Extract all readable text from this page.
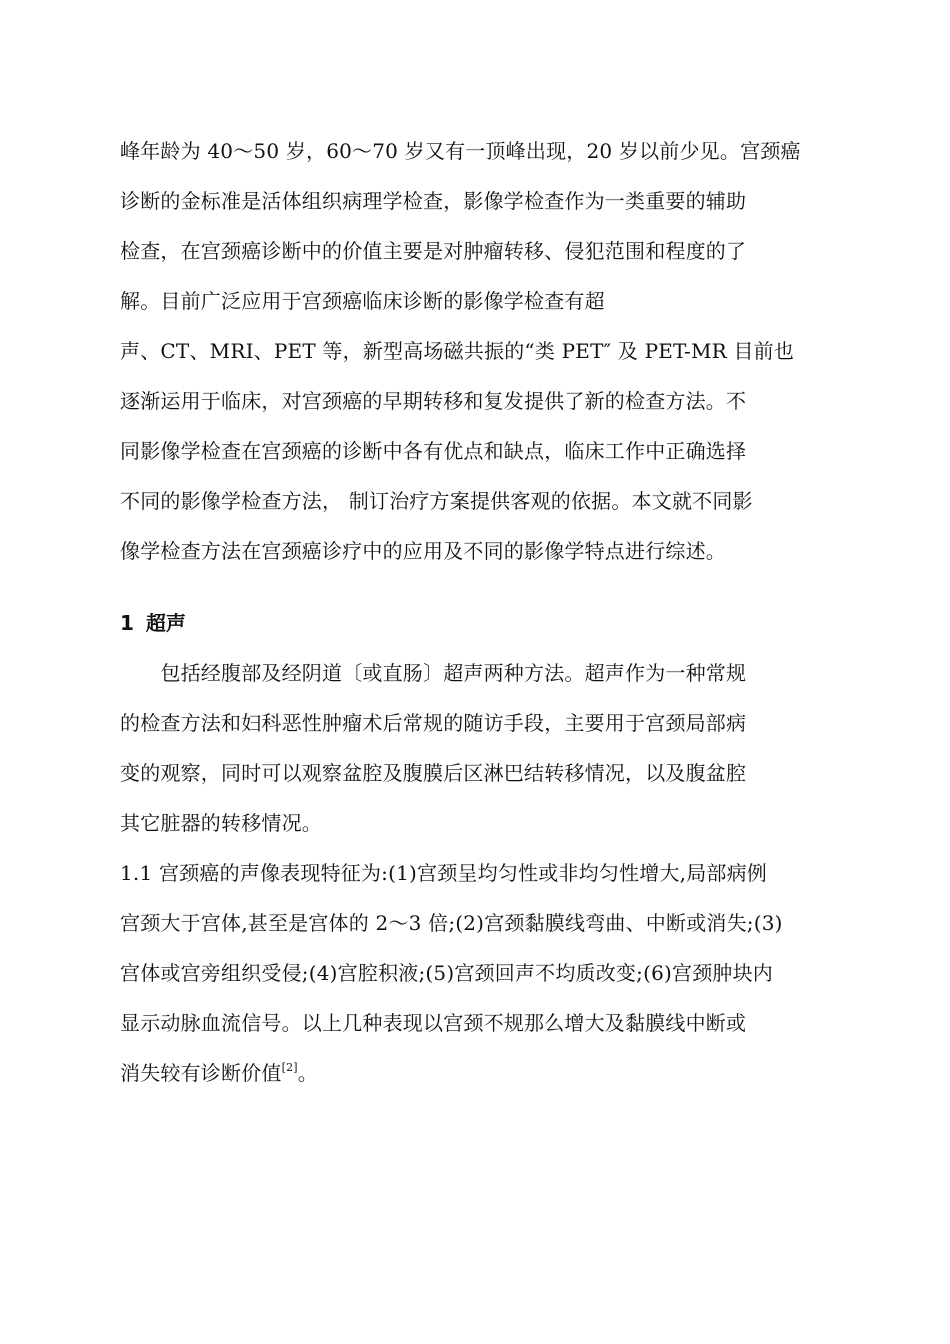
峰年龄为 40～50 岁，60～70 岁又有一顶峰出现，20 岁以前少见。宫颈癌
诊断的金标准是活体组织病理学检查，影像学检查作为一类重要的辅助
检查，在宫颈癌诊断中的价值主要是对肿瘤转移、侵犯范围和程度的了
解。目前广泛应用于宫颈癌临床诊断的影像学检查有超
声、CT、MRI、PET 等，新型高场磁共振的“类 PET″ 及 PET-MR 目前也
逐渐运用于临床，对宫颈癌的早期转移和复发提供了新的检查方法。不
同影像学检查在宫颈癌的诊断中各有优点和缺点，临床工作中正确选择
不同的影像学检查方法， 制订治疗方案提供客观的依据。本文就不同影
像学检查方法在宫颈癌诊疗中的应用及不同的影像学特点进行综述。
1 超声
　　包括经腹部及经阴道〔或直肠〕超声两种方法。超声作为一种常规
的检查方法和妇科恶性肿瘤术后常规的随访手段，主要用于宫颈局部病
变的观察，同时可以观察盆腔及腹膜后区淋巴结转移情况，以及腹盆腔
其它脏器的转移情况。
1.1 宫颈癌的声像表现特征为:(1)宫颈呈均匀性或非均匀性增大,局部病例
宫颈大于宫体,甚至是宫体的 2～3 倍;(2)宫颈黏膜线弯曲、中断或消失;(3)
宫体或宫旁组织受侵;(4)宫腔积液;(5)宫颈回声不均质改变;(6)宫颈肿块内
显示动脉血流信号。以上几种表现以宫颈不规那么增大及黏膜线中断或
消失较有诊断价值[2]。
